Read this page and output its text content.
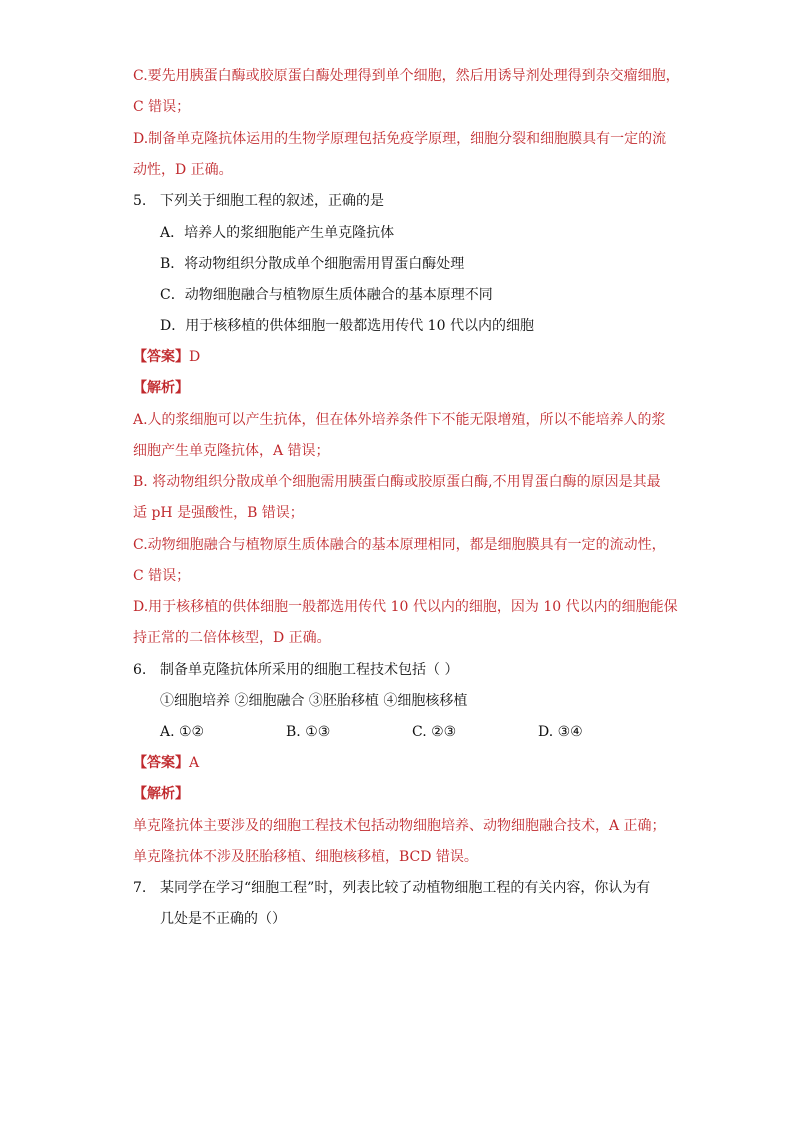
C.要先用胰蛋白酶或胶原蛋白酶处理得到单个细胞，然后用诱导剂处理得到杂交瘤细胞，
C 错误；
D.制备单克隆抗体运用的生物学原理包括免疫学原理，细胞分裂和细胞膜具有一定的流
动性，D 正确。
5. 下列关于细胞工程的叙述，正确的是
A．培养人的浆细胞能产生单克隆抗体
B．将动物组织分散成单个细胞需用胃蛋白酶处理
C．动物细胞融合与植物原生质体融合的基本原理不同
D．用于核移植的供体细胞一般都选用传代 10 代以内的细胞
【答案】D
【解析】
A.人的浆细胞可以产生抗体，但在体外培养条件下不能无限增殖，所以不能培养人的浆
细胞产生单克隆抗体，A 错误；
B. 将动物组织分散成单个细胞需用胰蛋白酶或胶原蛋白酶,不用胃蛋白酶的原因是其最
适 pH 是强酸性，B 错误；
C.动物细胞融合与植物原生质体融合的基本原理相同，都是细胞膜具有一定的流动性，
C 错误；
D.用于核移植的供体细胞一般都选用传代 10 代以内的细胞，因为 10 代以内的细胞能保
持正常的二倍体核型，D 正确。
6. 制备单克隆抗体所采用的细胞工程技术包括（ ）
①细胞培养 ②细胞融合 ③胚胎移植 ④细胞核移植
A. ①②	B. ①③	C. ②③	D. ③④
【答案】A
【解析】
单克隆抗体主要涉及的细胞工程技术包括动物细胞培养、动物细胞融合技术，A 正确；
单克隆抗体不涉及胚胎移植、细胞核移植，BCD 错误。
7. 某同学在学习“细胞工程”时，列表比较了动植物细胞工程的有关内容，你认为有
几处是不正确的（）
